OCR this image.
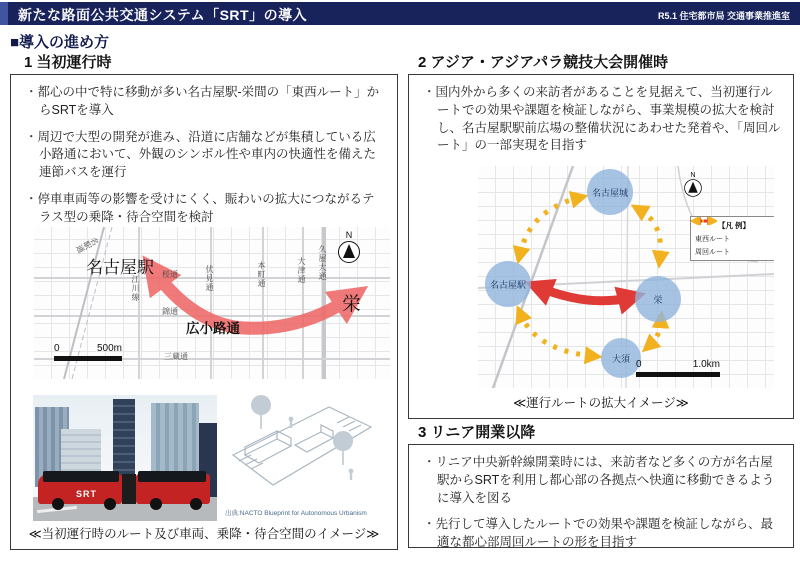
新たな路面公共交通システム「SRT」の導入	R5.1 住宅都市局 交通事業推進室
■導入の進め方
1 当初運行時
・都心の中で特に移動が多い名古屋駅-栄間の「東西ルート」からSRTを導入
・周辺で大型の開発が進み、沿道に店舗などが集積している広小路通において、外観のシンボル性や車内の快適性を備えた連節バスを運行
・停車車両等の影響を受けにくく、賑わいの拡大につながるテラス型の乗降・待合空間を検討
名駅通
名古屋駅
江川線
桜通	伏見通	本町通	大津通 久屋大通
錦通
三蔵通
栄
広小路通
N
0	500m
SRT
出典:NACTO Blueprint for Autonomous Urbanism
≪当初運行時のルート及び車両、乗降・待合空間のイメージ≫
2 アジア・アジアパラ競技大会開催時
・国内外から多くの来訪者があることを見据えて、当初運行ルートでの効果や課題を検証しながら、事業規模の拡大を検討し、名古屋駅駅前広場の整備状況にあわせた発着や、「周回ルート」の一部実現を目指す
名古屋城
名古屋駅
栄
大須
N
【凡 例】
東西ルート
周回ルート
0	1.0km
≪運行ルートの拡大イメージ≫
3 リニア開業以降
・リニア中央新幹線開業時には、来訪者など多くの方が名古屋駅からSRTを利用し都心部の各拠点へ快適に移動できるように導入を図る
・先行して導入したルートでの効果や課題を検証しながら、最適な都心部周回ルートの形を目指す
